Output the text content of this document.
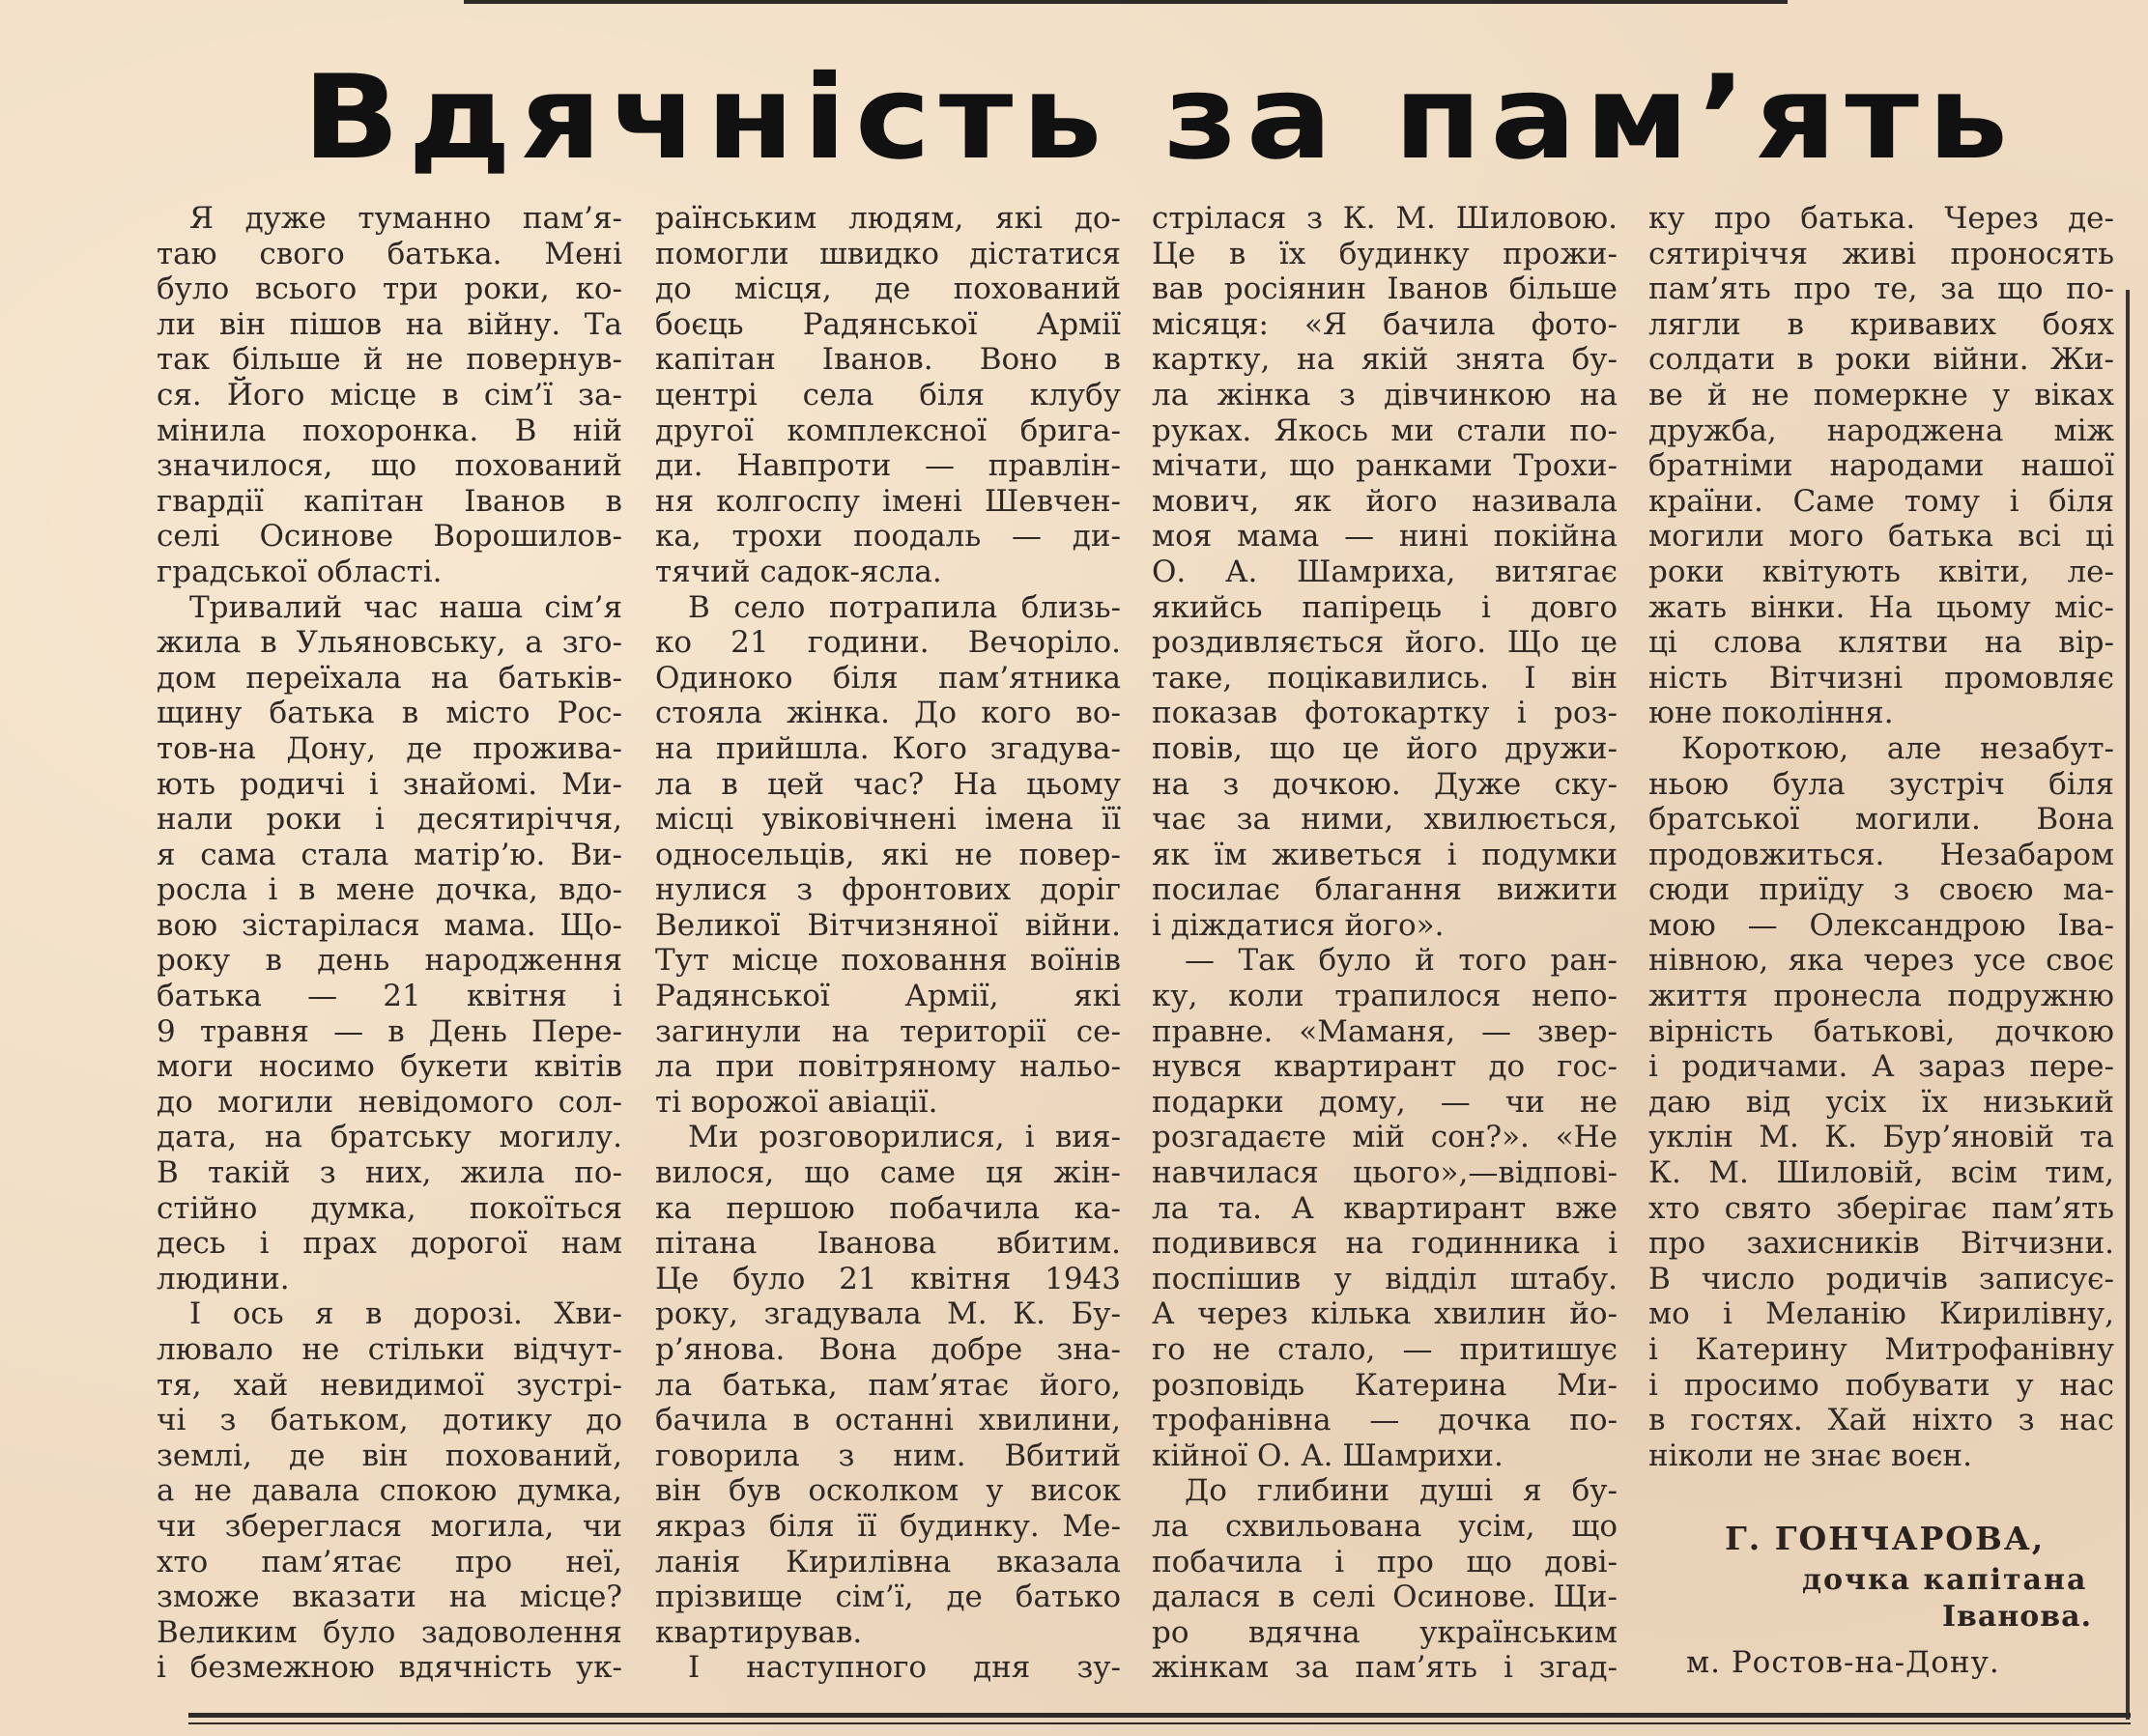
Вдячність за пам’ять
Я дуже туманно пам’я-
таю свого батька. Мені
було всього три роки, ко-
ли він пішов на війну. Та
так більше й не повернув-
ся. Його місце в сім’ї за-
мінила похоронка. В ній
значилося, що похований
гвардії капітан Іванов в
селі Осинове Ворошилов-
градської області.
Тривалий час наша сім’я
жила в Ульяновську, а зго-
дом переїхала на батьків-
щину батька в місто Рос-
тов-на Дону, де прожива-
ють родичі і знайомі. Ми-
нали роки і десятиріччя,
я сама стала матір’ю. Ви-
росла і в мене дочка, вдо-
вою зістарілася мама. Що-
року в день народження
батька — 21 квітня і
9 травня — в День Пере-
моги носимо букети квітів
до могили невідомого сол-
дата, на братську могилу.
В такій з них, жила по-
стійно думка, покоїться
десь і прах дорогої нам
людини.
І ось я в дорозі. Хви-
лювало не стільки відчут-
тя, хай невидимої зустрі-
чі з батьком, дотику до
землі, де він похований,
а не давала спокою думка,
чи збереглася могила, чи
хто пам’ятає про неї,
зможе вказати на місце?
Великим було задоволення
і безмежною вдячність ук-
раїнським людям, які до-
помогли швидко дістатися
до місця, де похований
боєць Радянської Армії
капітан Іванов. Воно в
центрі села біля клубу
другої комплексної брига-
ди. Навпроти — правлін-
ня колгоспу імені Шевчен-
ка, трохи поодаль — ди-
тячий садок-ясла.
В село потрапила близь-
ко 21 години. Вечоріло.
Одиноко біля пам’ятника
стояла жінка. До кого во-
на прийшла. Кого згадува-
ла в цей час? На цьому
місці увіковічнені імена її
односельців, які не повер-
нулися з фронтових доріг
Великої Вітчизняної війни.
Тут місце поховання воїнів
Радянської Армії, які
загинули на території се-
ла при повітряному нальо-
ті ворожої авіації.
Ми розговорилися, і вия-
вилося, що саме ця жін-
ка першою побачила ка-
пітана Іванова вбитим.
Це було 21 квітня 1943
року, згадувала М. К. Бу-
р’янова. Вона добре зна-
ла батька, пам’ятає його,
бачила в останні хвилини,
говорила з ним. Вбитий
він був осколком у висок
якраз біля її будинку. Ме-
ланія Кирилівна вказала
прізвище сім’ї, де батько
квартирував.
І наступного дня зу-
стрілася з К. М. Шиловою.
Це в їх будинку прожи-
вав росіянин Іванов більше
місяця: «Я бачила фото-
картку, на якій знята бу-
ла жінка з дівчинкою на
руках. Якось ми стали по-
мічати, що ранками Трохи-
мович, як його називала
моя мама — нині покійна
О. А. Шамриха, витягає
якийсь папірець і довго
роздивляється його. Що це
таке, поцікавились. І він
показав фотокартку і роз-
повів, що це його дружи-
на з дочкою. Дуже ску-
чає за ними, хвилюється,
як їм живеться і подумки
посилає благання вижити
і діждатися його».
— Так було й того ран-
ку, коли трапилося непо-
правне. «Маманя, — звер-
нувся квартирант до гос-
подарки дому, — чи не
розгадаєте мій сон?». «Не
навчилася цього»,—відпові-
ла та. А квартирант вже
подивився на годинника і
поспішив у відділ штабу.
А через кілька хвилин йо-
го не стало, — притишує
розповідь Катерина Ми-
трофанівна — дочка по-
кійної О. А. Шамрихи.
До глибини душі я бу-
ла схвильована усім, що
побачила і про що дові-
далася в селі Осинове. Щи-
ро вдячна українським
жінкам за пам’ять і згад-
ку про батька. Через де-
сятиріччя живі проносять
пам’ять про те, за що по-
лягли в кривавих боях
солдати в роки війни. Жи-
ве й не померкне у віках
дружба, народжена між
братніми народами нашої
країни. Саме тому і біля
могили мого батька всі ці
роки квітують квіти, ле-
жать вінки. На цьому міс-
ці слова клятви на вір-
ність Вітчизні промовляє
юне покоління.
Короткою, але незабут-
ньою була зустріч біля
братської могили. Вона
продовжиться. Незабаром
сюди приїду з своєю ма-
мою — Олександрою Іва-
нівною, яка через усе своє
життя пронесла подружню
вірність батькові, дочкою
і родичами. А зараз пере-
даю від усіх їх низький
уклін М. К. Бур’яновій та
К. М. Шиловій, всім тим,
хто свято зберігає пам’ять
про захисників Вітчизни.
В число родичів записує-
мо і Меланію Кирилівну,
і Катерину Митрофанівну
і просимо побувати у нас
в гостях. Хай ніхто з нас
ніколи не знає воєн.
Г. ГОНЧАРОВА,
дочка капітана
Іванова.
м. Ростов-на-Дону.
